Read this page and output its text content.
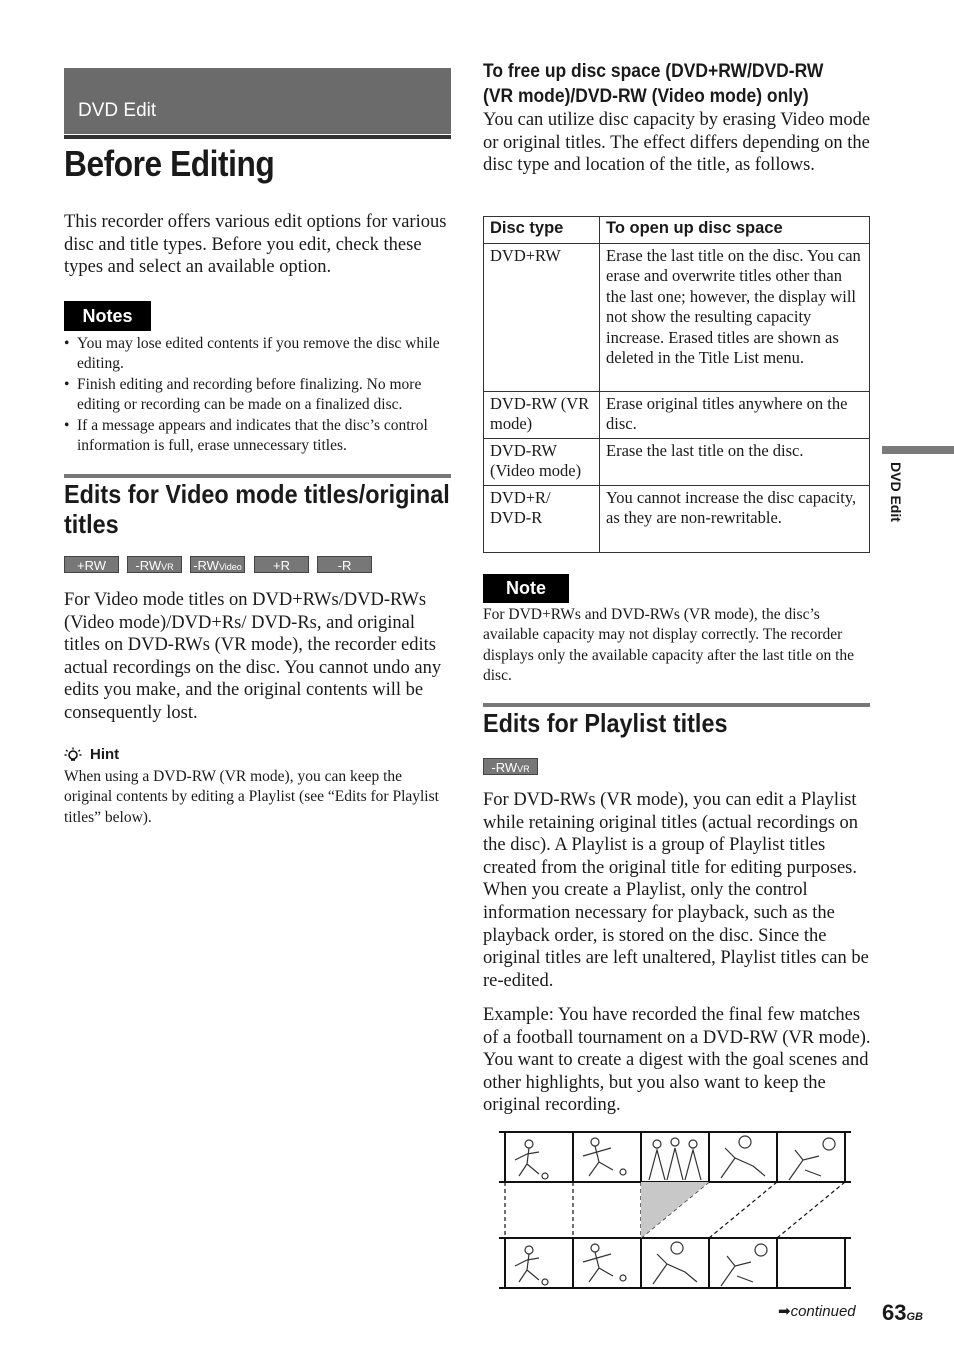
DVD Edit
Before Editing
This recorder offers various edit options for various disc and title types. Before you edit, check these types and select an available option.
Notes
• You may lose edited contents if you remove the disc while editing.
• Finish editing and recording before finalizing. No more editing or recording can be made on a finalized disc.
• If a message appears and indicates that the disc’s control information is full, erase unnecessary titles.
Edits for Video mode titles/original titles
+RW	-RWVR	-RWVideo	+R	-R
For Video mode titles on DVD+RWs/DVD-RWs (Video mode)/DVD+Rs/ DVD-Rs, and original titles on DVD-RWs (VR mode), the recorder edits actual recordings on the disc. You cannot undo any edits you make, and the original contents will be consequently lost.
Hint
When using a DVD-RW (VR mode), you can keep the original contents by editing a Playlist (see “Edits for Playlist titles” below).
To free up disc space (DVD+RW/DVD-RW (VR mode)/DVD-RW (Video mode) only)
You can utilize disc capacity by erasing Video mode or original titles. The effect differs depending on the disc type and location of the title, as follows.
Disc type	To open up disc space
DVD+RW	Erase the last title on the disc. You can erase and overwrite titles other than the last one; however, the display will not show the resulting capacity increase. Erased titles are shown as deleted in the Title List menu.
DVD-RW (VR mode)	Erase original titles anywhere on the disc.
DVD-RW (Video mode)	Erase the last title on the disc.
DVD+R/ DVD-R	You cannot increase the disc capacity, as they are non-rewritable.
Note
For DVD+RWs and DVD-RWs (VR mode), the disc’s available capacity may not display correctly. The recorder displays only the available capacity after the last title on the disc.
Edits for Playlist titles
-RWVR
For DVD-RWs (VR mode), you can edit a Playlist while retaining original titles (actual recordings on the disc). A Playlist is a group of Playlist titles created from the original title for editing purposes. When you create a Playlist, only the control information necessary for playback, such as the playback order, is stored on the disc. Since the original titles are left unaltered, Playlist titles can be re-edited.
Example: You have recorded the final few matches of a football tournament on a DVD-RW (VR mode). You want to create a digest with the goal scenes and other highlights, but you also want to keep the original recording.
DVD Edit
➡continued 63GB
